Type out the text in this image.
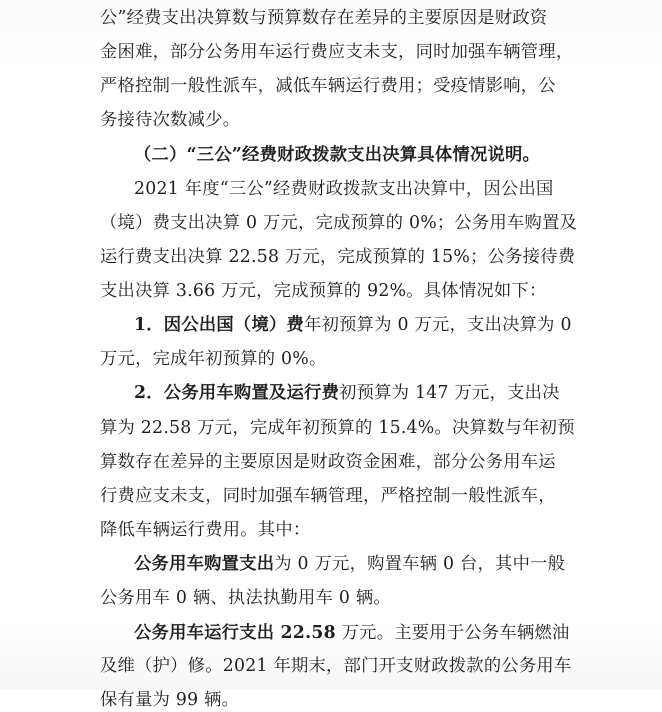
公”经费支出决算数与预算数存在差异的主要原因是财政资
金困难，部分公务用车运行费应支未支，同时加强车辆管理，
严格控制一般性派车，减低车辆运行费用；受疫情影响，公
务接待次数减少。
（二）“三公”经费财政拨款支出决算具体情况说明。
2021 年度“三公”经费财政拨款支出决算中，因公出国
（境）费支出决算 0 万元，完成预算的 0%；公务用车购置及
运行费支出决算 22.58 万元，完成预算的 15%；公务接待费
支出决算 3.66 万元，完成预算的 92%。具体情况如下：
1．因公出国（境）费年初预算为 0 万元，支出决算为 0
万元，完成年初预算的 0%。
2．公务用车购置及运行费初预算为 147 万元，支出决
算为 22.58 万元，完成年初预算的 15.4%。决算数与年初预
算数存在差异的主要原因是财政资金困难，部分公务用车运
行费应支未支，同时加强车辆管理，严格控制一般性派车，
降低车辆运行费用。其中：
公务用车购置支出为 0 万元，购置车辆 0 台，其中一般
公务用车 0 辆、执法执勤用车 0 辆。
公务用车运行支出 22.58 万元。主要用于公务车辆燃油
及维（护）修。2021 年期末，部门开支财政拨款的公务用车
保有量为 99 辆。
